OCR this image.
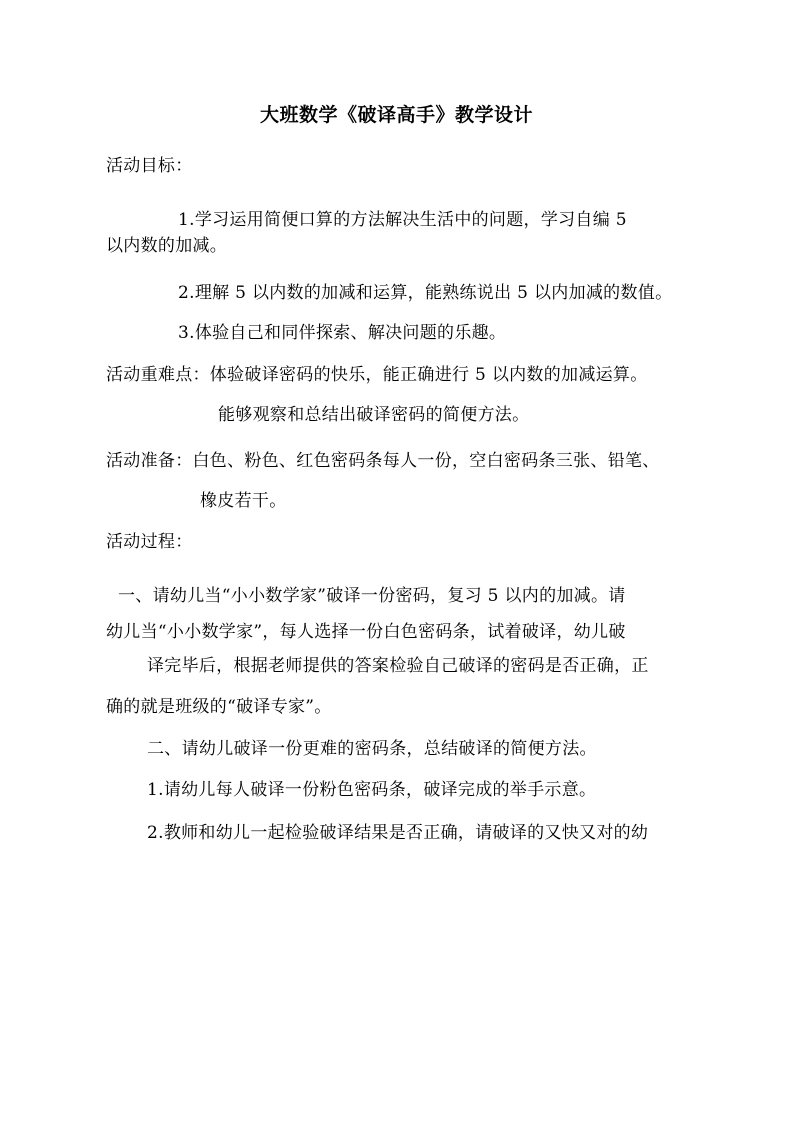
大班数学《破译高手》教学设计
活动目标：
1.学习运用简便口算的方法解决生活中的问题，学习自编 5
以内数的加减。
2.理解 5 以内数的加减和运算，能熟练说出 5 以内加减的数值。
3.体验自己和同伴探索、解决问题的乐趣。
活动重难点：体验破译密码的快乐，能正确进行 5 以内数的加减运算。
能够观察和总结出破译密码的简便方法。
活动准备：白色、粉色、红色密码条每人一份，空白密码条三张、铅笔、
橡皮若干。
活动过程：
一、请幼儿当“小小数学家”破译一份密码，复习 5 以内的加减。请
幼儿当“小小数学家”，每人选择一份白色密码条，试着破译，幼儿破
译完毕后，根据老师提供的答案检验自己破译的密码是否正确，正
确的就是班级的“破译专家”。
二、请幼儿破译一份更难的密码条，总结破译的简便方法。
1.请幼儿每人破译一份粉色密码条，破译完成的举手示意。
2.教师和幼儿一起检验破译结果是否正确，请破译的又快又对的幼
